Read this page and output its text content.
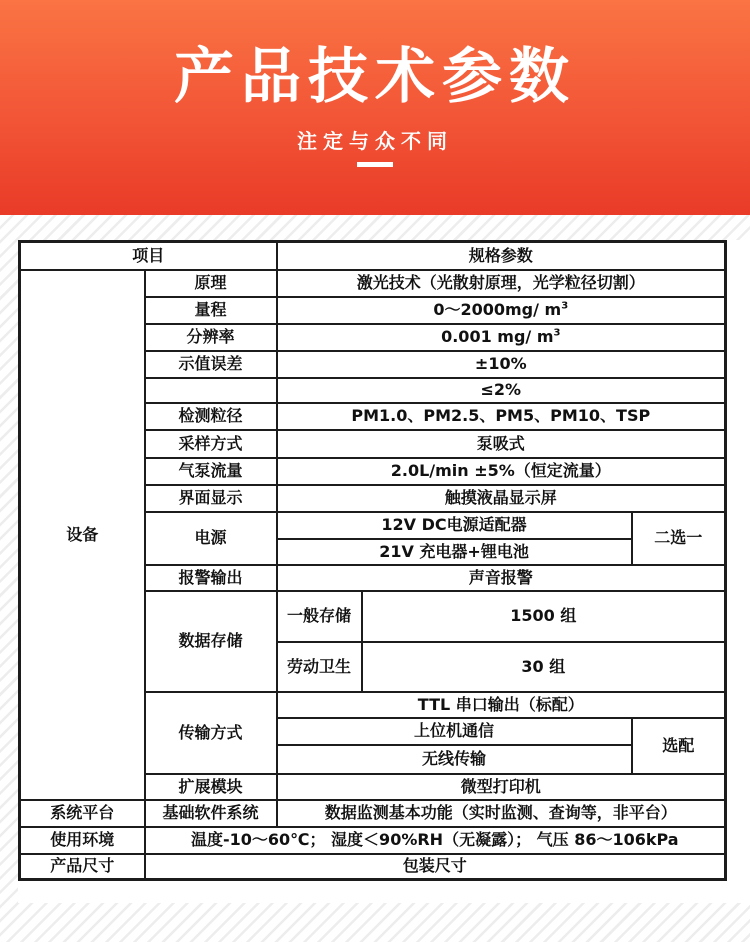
产品技术参数
注定与众不同
项目		规格参数		
设备	原理	激光技术（光散射原理，光学粒径切割）		
	量程	0～2000mg/ $m^3$
	分辨率	0.001 mg/ $m^3$
	示值误差	±10%		
		≤2%		
	检测粒径	PM1.0、PM2.5、PM5、PM10、TSP		
	采样方式	泵吸式		
	气泵流量	2.0L/min ±5%（恒定流量）		
	界面显示	触摸液晶显示屏		
	电源	12V DC电源适配器		二选一
		21V 充电器+锂电池		
	报警输出	声音报警		
	数据存储	一般存储	1500 组	
		劳动卫生	30 组	
	传输方式	TTL 串口输出（标配）		
		上位机通信		选配
		无线传输		
	扩展模块	微型打印机		
系统平台	基础软件系统	数据监测基本功能（实时监测、查询等，非平台）		
使用环境	温度-10～60℃； 湿度＜90%RH（无凝露）； 气压 86～106kPa			
产品尺寸	包装尺寸			
